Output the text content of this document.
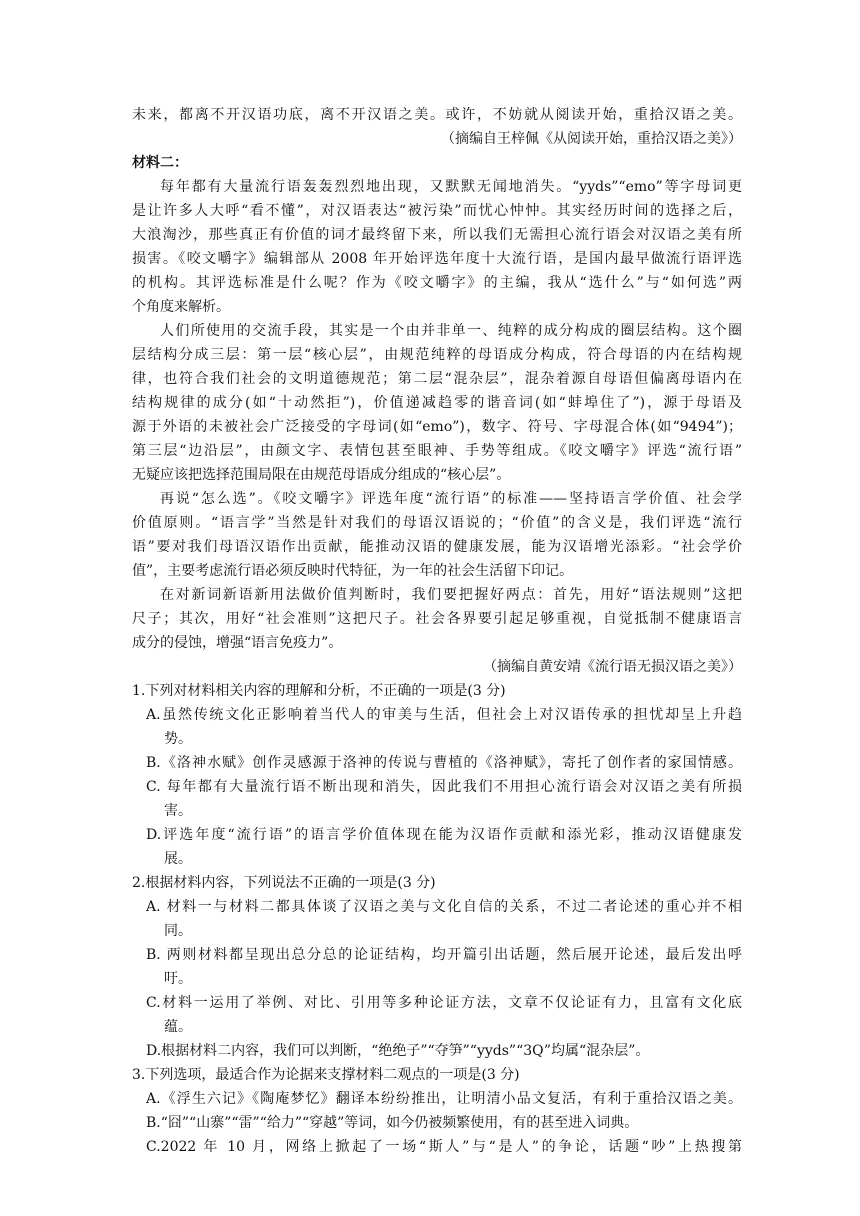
未来，都离不开汉语功底，离不开汉语之美。或许，不妨就从阅读开始，重拾汉语之美。
（摘编自王梓佩《从阅读开始，重拾汉语之美》）
材料二：
每年都有大量流行语轰轰烈烈地出现，又默默无闻地消失。“yyds”“emo”等字母词更
是让许多人大呼“看不懂”，对汉语表达“被污染”而忧心忡忡。其实经历时间的选择之后，
大浪淘沙，那些真正有价值的词才最终留下来，所以我们无需担心流行语会对汉语之美有所
损害。《咬文嚼字》编辑部从 2008 年开始评选年度十大流行语，是国内最早做流行语评选
的机构。其评选标准是什么呢？作为《咬文嚼字》的主编，我从“选什么”与“如何选”两
个角度来解析。
人们所使用的交流手段，其实是一个由并非单一、纯粹的成分构成的圈层结构。这个圈
层结构分成三层：第一层“核心层”，由规范纯粹的母语成分构成，符合母语的内在结构规
律，也符合我们社会的文明道德规范；第二层“混杂层”，混杂着源自母语但偏离母语内在
结构规律的成分(如“十动然拒”)，价值递减趋零的谐音词(如“蚌埠住了”)，源于母语及
源于外语的未被社会广泛接受的字母词(如“emo”)，数字、符号、字母混合体(如“9494”)；
第三层“边沿层”，由颜文字、表情包甚至眼神、手势等组成。《咬文嚼字》评选“流行语”
无疑应该把选择范围局限在由规范母语成分组成的“核心层”。
再说“怎么选”。《咬文嚼字》评选年度“流行语”的标准——坚持语言学价值、社会学
价值原则。“语言学”当然是针对我们的母语汉语说的；“价值”的含义是，我们评选“流行
语”要对我们母语汉语作出贡献，能推动汉语的健康发展，能为汉语增光添彩。“社会学价
值”，主要考虑流行语必须反映时代特征，为一年的社会生活留下印记。
在对新词新语新用法做价值判断时，我们要把握好两点：首先，用好“语法规则”这把
尺子；其次，用好“社会准则”这把尺子。社会各界要引起足够重视，自觉抵制不健康语言
成分的侵蚀，增强“语言免疫力”。
（摘编自黄安靖《流行语无损汉语之美》）
1.下列对材料相关内容的理解和分析，不正确的一项是(3 分)
A.虽然传统文化正影响着当代人的审美与生活，但社会上对汉语传承的担忧却呈上升趋
势。
B.《洛神水赋》创作灵感源于洛神的传说与曹植的《洛神赋》，寄托了创作者的家国情感。
C. 每年都有大量流行语不断出现和消失，因此我们不用担心流行语会对汉语之美有所损
害。
D.评选年度“流行语”的语言学价值体现在能为汉语作贡献和添光彩，推动汉语健康发
展。
2.根据材料内容，下列说法不正确的一项是(3 分)
A. 材料一与材料二都具体谈了汉语之美与文化自信的关系，不过二者论述的重心并不相
同。
B. 两则材料都呈现出总分总的论证结构，均开篇引出话题，然后展开论述，最后发出呼
吁。
C.材料一运用了举例、对比、引用等多种论证方法，文章不仅论证有力，且富有文化底
蕴。
D.根据材料二内容，我们可以判断，“绝绝子”“夺笋”“yyds”“3Q”均属“混杂层”。
3.下列选项，最适合作为论据来支撑材料二观点的一项是(3 分)
A.《浮生六记》《陶庵梦忆》翻译本纷纷推出，让明清小品文复活，有利于重拾汉语之美。
B.“囧”“山寨”“雷”“给力”“穿越”等词，如今仍被频繁使用，有的甚至进入词典。
C.2022 年 10 月，网络上掀起了一场“斯人”与“是人”的争论，话题“吵”上热搜第
